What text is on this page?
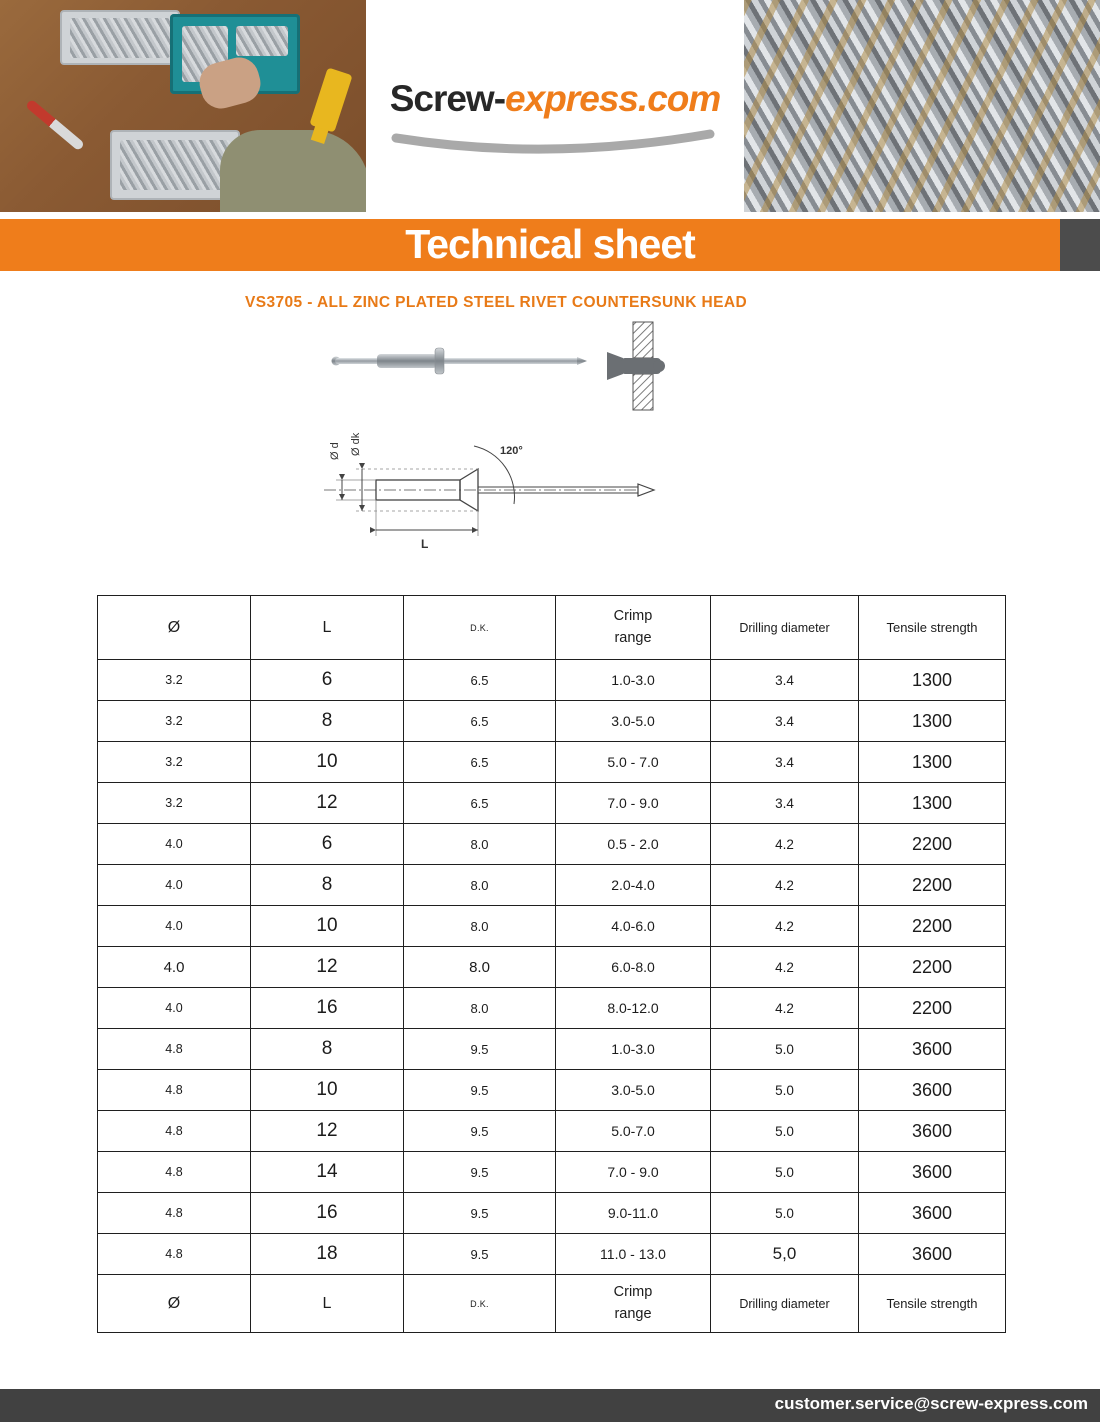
Screw-express.com
Technical sheet
VS3705 - ALL ZINC PLATED STEEL RIVET COUNTERSUNK HEAD
Ø d Ø dk	120°
L
Ø	L	D.K.	Crimp range	Drilling diameter	Tensile strength
3.2	6	6.5	1.0-3.0	3.4	1300
3.2	8	6.5	3.0-5.0	3.4	1300
3.2	10	6.5	5.0 - 7.0	3.4	1300
3.2	12	6.5	7.0 - 9.0	3.4	1300
4.0	6	8.0	0.5 - 2.0	4.2	2200
4.0	8	8.0	2.0-4.0	4.2	2200
4.0	10	8.0	4.0-6.0	4.2	2200
4.0	12	8.0	6.0-8.0	4.2	2200
4.0	16	8.0	8.0-12.0	4.2	2200
4.8	8	9.5	1.0-3.0	5.0	3600
4.8	10	9.5	3.0-5.0	5.0	3600
4.8	12	9.5	5.0-7.0	5.0	3600
4.8	14	9.5	7.0 - 9.0	5.0	3600
4.8	16	9.5	9.0-11.0	5.0	3600
4.8	18	9.5	11.0 - 13.0	5,0	3600
Ø	L	D.K.	Crimp range	Drilling diameter	Tensile strength
customer.service@screw-express.com
